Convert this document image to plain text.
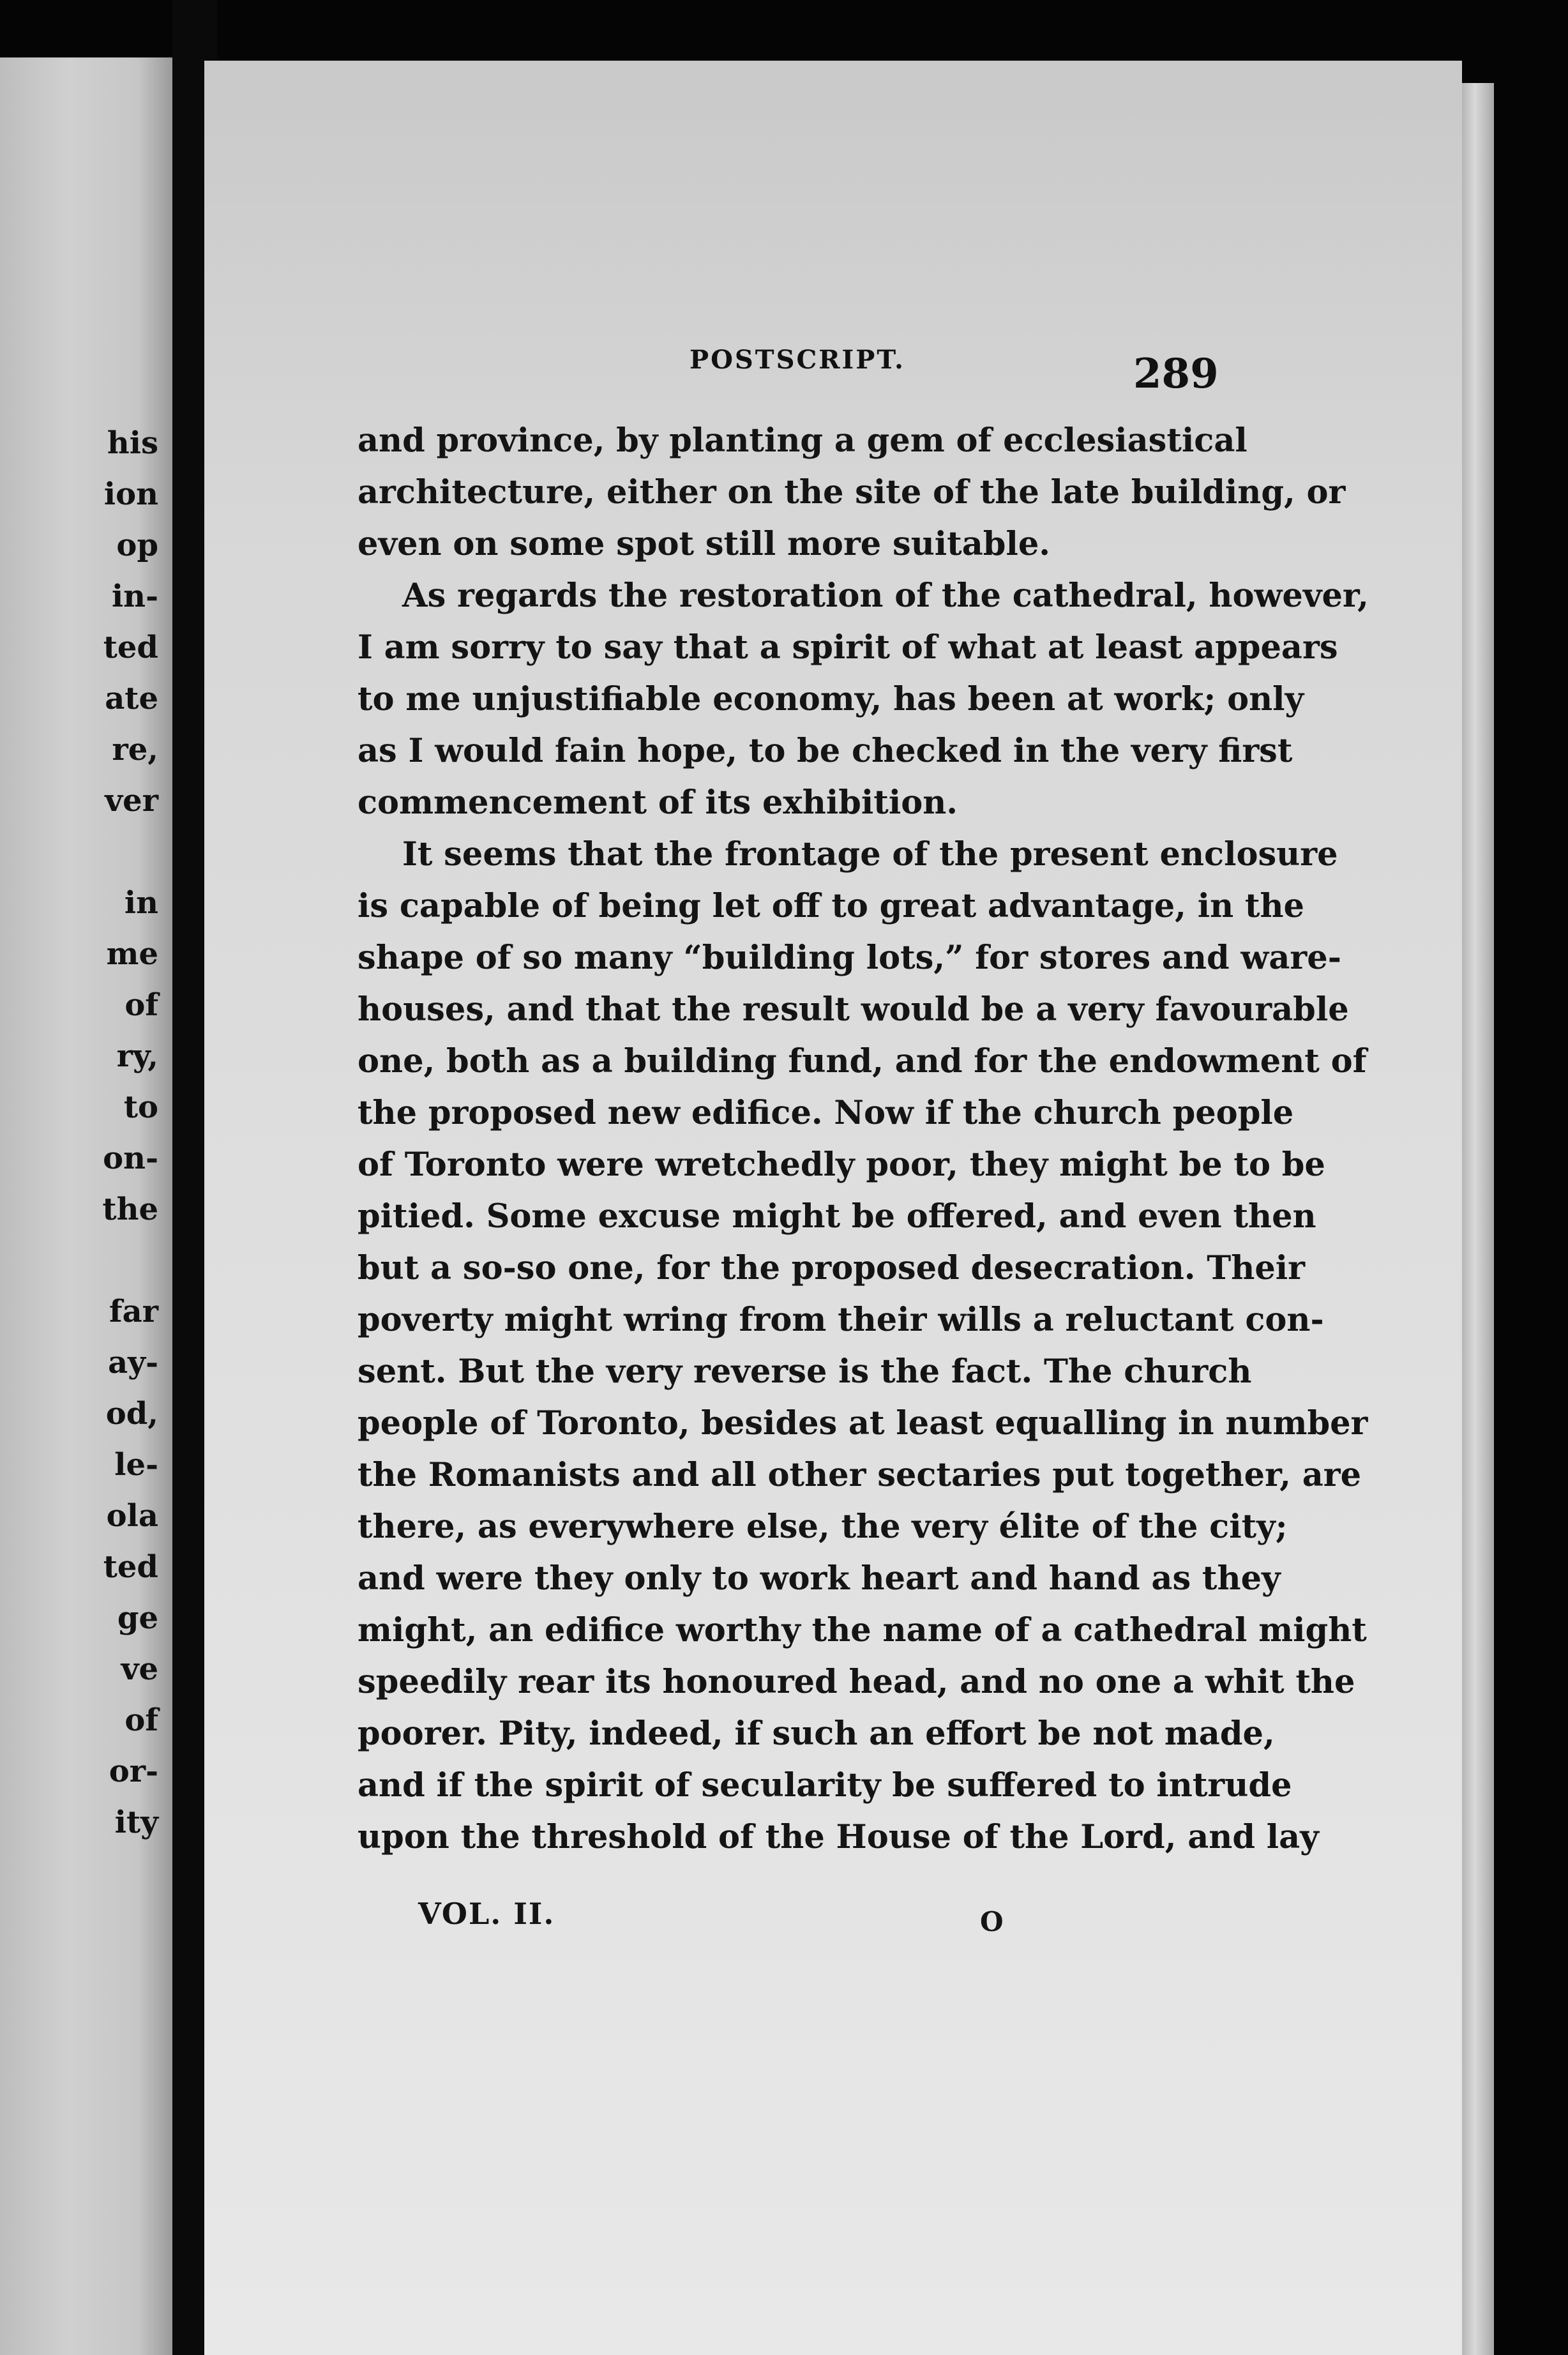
his
ion
op
in-
ted
ate
re,
ver
in
me
of
ry,
to
on-
the
far
ay-
od,
le-
ola
ted
ge
ve
of
or-
ity
POSTSCRIPT.	289
and province, by planting a gem of ecclesiastical
architecture, either on the site of the late building, or
even on some spot still more suitable.
As regards the restoration of the cathedral, however,
I am sorry to say that a spirit of what at least appears
to me unjustifiable economy, has been at work; only
as I would fain hope, to be checked in the very first
commencement of its exhibition.
It seems that the frontage of the present enclosure
is capable of being let off to great advantage, in the
shape of so many “building lots,” for stores and ware-
houses, and that the result would be a very favourable
one, both as a building fund, and for the endowment of
the proposed new edifice. Now if the church people
of Toronto were wretchedly poor, they might be to be
pitied. Some excuse might be offered, and even then
but a so-so one, for the proposed desecration. Their
poverty might wring from their wills a reluctant con-
sent. But the very reverse is the fact. The church
people of Toronto, besides at least equalling in number
the Romanists and all other sectaries put together, are
there, as everywhere else, the very élite of the city;
and were they only to work heart and hand as they
might, an edifice worthy the name of a cathedral might
speedily rear its honoured head, and no one a whit the
poorer. Pity, indeed, if such an effort be not made,
and if the spirit of secularity be suffered to intrude
upon the threshold of the House of the Lord, and lay
VOL. II.	O
